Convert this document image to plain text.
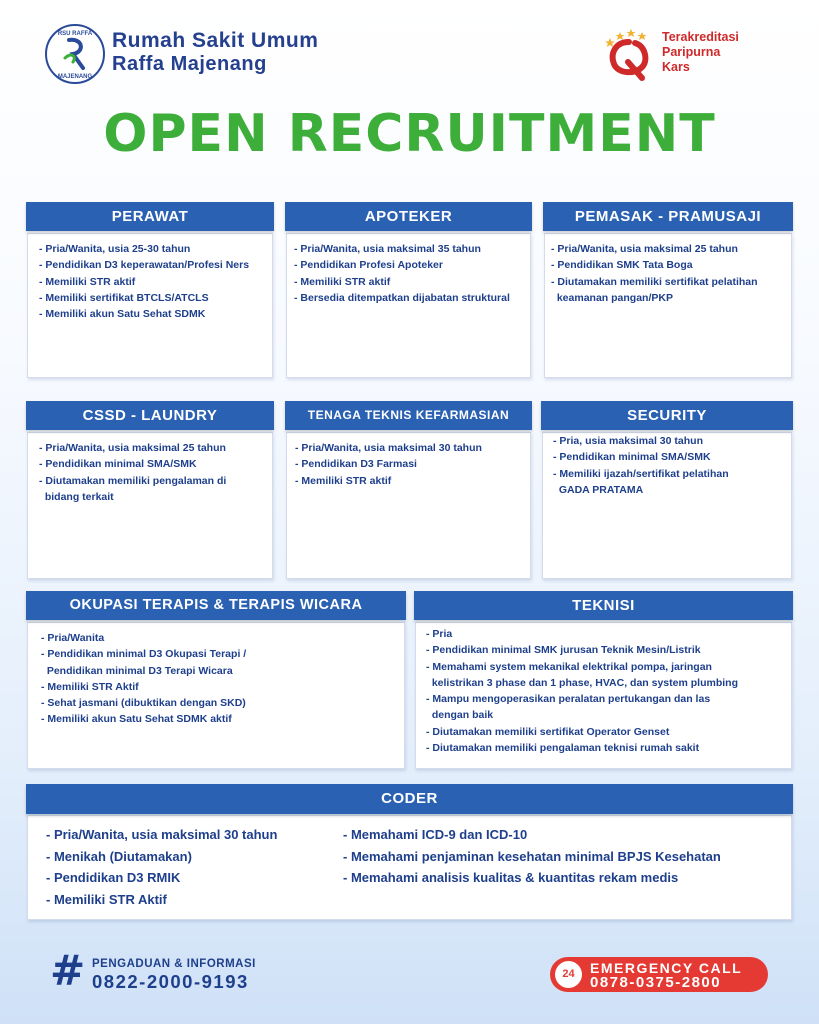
RSU RAFFA
MAJENANG
Rumah Sakit Umum
Raffa Majenang
Terakreditasi
Paripurna
Kars
OPEN RECRUITMENT
- Pria/Wanita, usia 25-30 tahun
- Pendidikan D3 keperawatan/Profesi Ners
- Memiliki STR aktif
- Memiliki sertifikat BTCLS/ATCLS
- Memiliki akun Satu Sehat SDMK
PERAWAT
- Pria/Wanita, usia maksimal 35 tahun
- Pendidikan Profesi Apoteker
- Memiliki STR aktif
- Bersedia ditempatkan dijabatan struktural
APOTEKER
- Pria/Wanita, usia maksimal 25 tahun
- Pendidikan SMK Tata Boga
- Diutamakan memiliki sertifikat pelatihan
keamanan pangan/PKP
PEMASAK - PRAMUSAJI
- Pria/Wanita, usia maksimal 25 tahun
- Pendidikan minimal SMA/SMK
- Diutamakan memiliki pengalaman di
bidang terkait
CSSD - LAUNDRY
- Pria/Wanita, usia maksimal 30 tahun
- Pendidikan D3 Farmasi
- Memiliki STR aktif
TENAGA TEKNIS KEFARMASIAN
- Pria, usia maksimal 30 tahun
- Pendidikan minimal SMA/SMK
- Memiliki ijazah/sertifikat pelatihan
GADA PRATAMA
SECURITY
- Pria/Wanita
- Pendidikan minimal D3 Okupasi Terapi /
Pendidikan minimal D3 Terapi Wicara
- Memiliki STR Aktif
- Sehat jasmani (dibuktikan dengan SKD)
- Memiliki akun Satu Sehat SDMK aktif
OKUPASI TERAPIS & TERAPIS WICARA
- Pria
- Pendidikan minimal SMK jurusan Teknik Mesin/Listrik
- Memahami system mekanikal elektrikal pompa, jaringan
kelistrikan 3 phase dan 1 phase, HVAC, dan system plumbing
- Mampu mengoperasikan peralatan pertukangan dan las
dengan baik
- Diutamakan memiliki sertifikat Operator Genset
- Diutamakan memiliki pengalaman teknisi rumah sakit
TEKNISI
- Pria/Wanita, usia maksimal 30 tahun
- Menikah (Diutamakan)
- Pendidikan D3 RMIK
- Memiliki STR Aktif
- Memahami ICD-9 dan ICD-10
- Memahami penjaminan kesehatan minimal BPJS Kesehatan
- Memahami analisis kualitas & kuantitas rekam medis
CODER
# PENGADUAN & INFORMASI
0822-2000-9193	24	EMERGENCY CALL
0878-0375-2800
